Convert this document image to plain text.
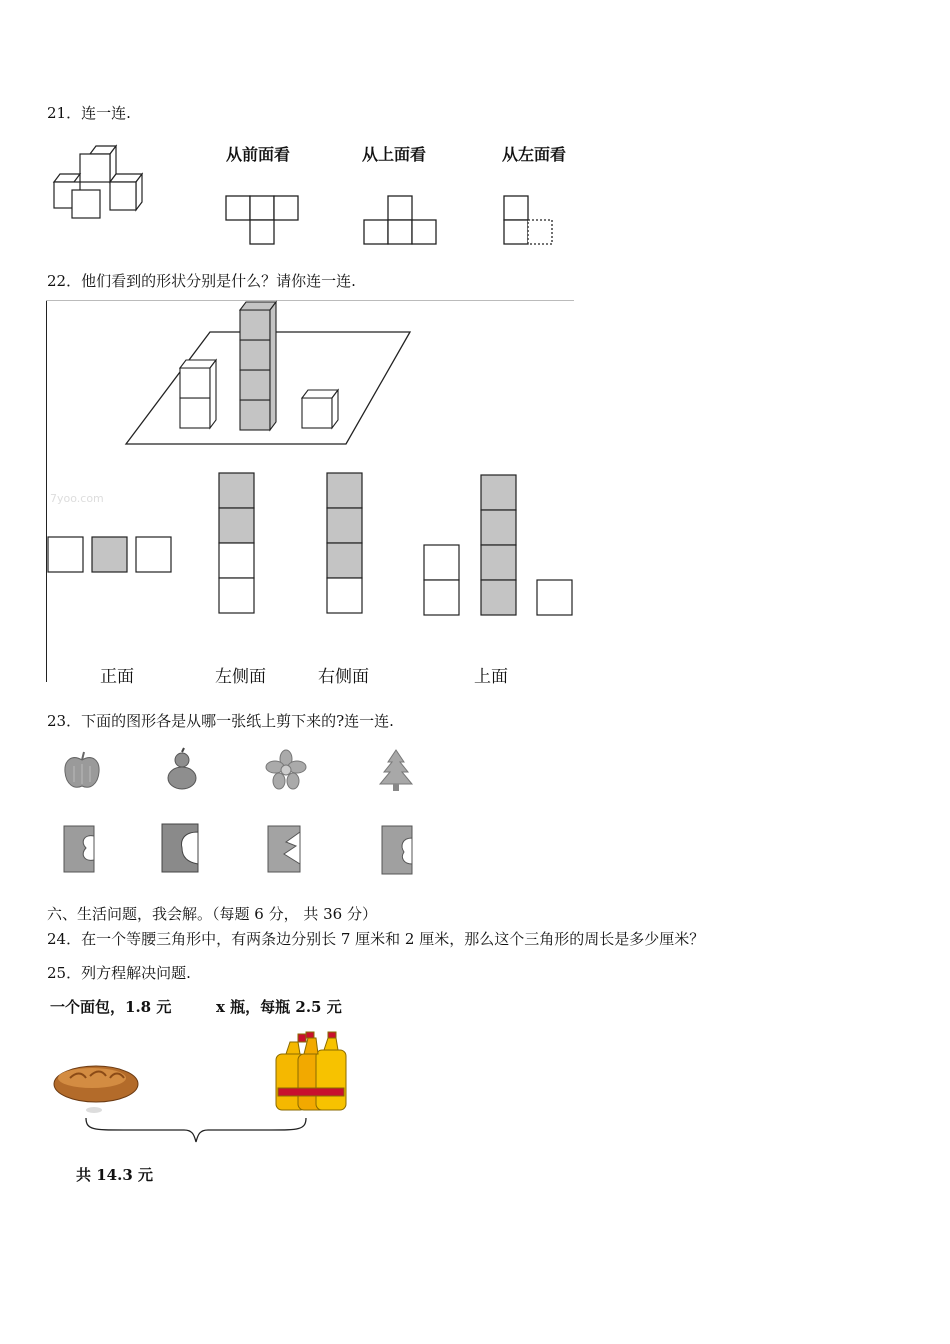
21．连一连.
从前面看	从上面看	从左面看
22．他们看到的形状分别是什么？请你连一连.
7yoo.com
正面	左侧面	右侧面	上面
23．下面的图形各是从哪一张纸上剪下来的?连一连.
六、生活问题，我会解。（每题 6 分， 共 36 分）
24．在一个等腰三角形中，有两条边分别长 7 厘米和 2 厘米，那么这个三角形的周长是多少厘米？
25．列方程解决问题.
一个面包，1.8 元	x 瓶，每瓶 2.5 元
共 14.3 元
